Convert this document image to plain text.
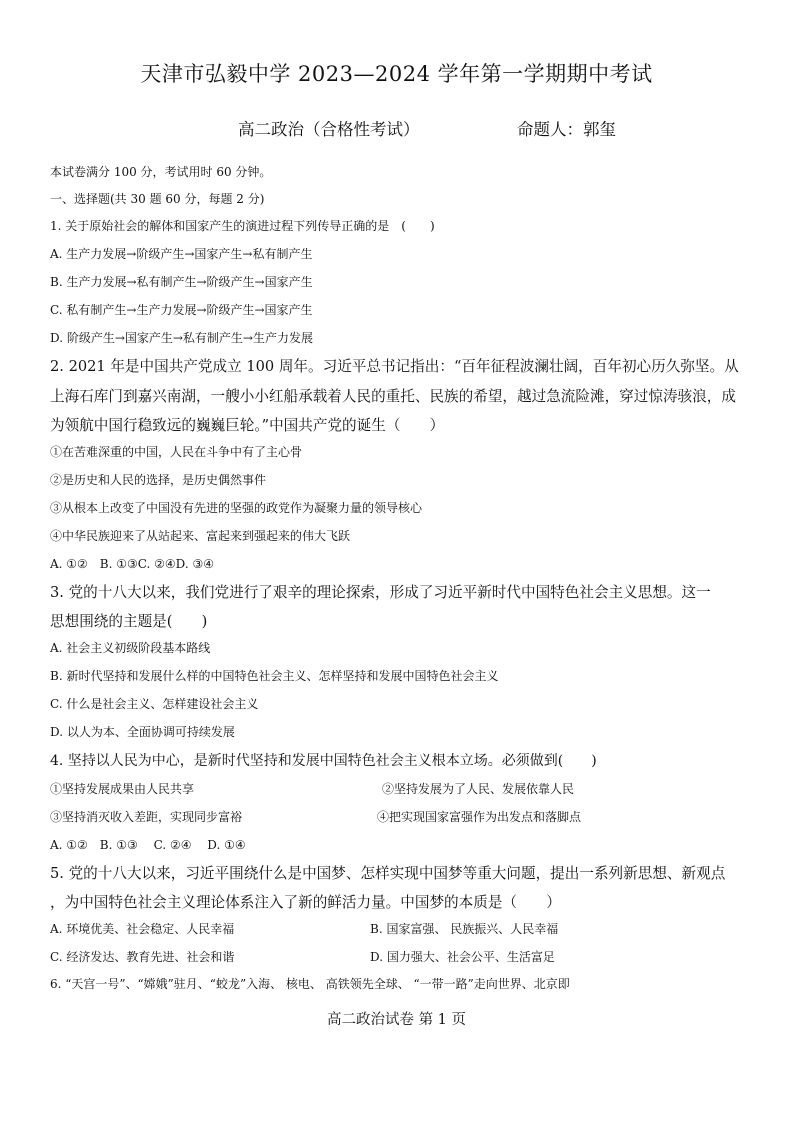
天津市弘毅中学 2023—2024 学年第一学期期中考试
高二政治（合格性考试）	命题人：郭玺
本试卷满分 100 分，考试用时 60 分钟。
一、选择题(共 30 题 60 分，每题 2 分)
1. 关于原始社会的解体和国家产生的演进过程下列传导正确的是　(　　)
A. 生产力发展→阶级产生→国家产生→私有制产生
B. 生产力发展→私有制产生→阶级产生→国家产生
C. 私有制产生→生产力发展→阶级产生→国家产生
D. 阶级产生→国家产生→私有制产生→生产力发展
2. 2021 年是中国共产党成立 100 周年。习近平总书记指出：“百年征程波澜壮阔，百年初心历久弥坚。从
上海石库门到嘉兴南湖，一艘小小红船承载着人民的重托、民族的希望，越过急流险滩，穿过惊涛骇浪，成
为领航中国行稳致远的巍巍巨轮。”中国共产党的诞生（　　）
①在苦难深重的中国，人民在斗争中有了主心骨
②是历史和人民的选择，是历史偶然事件
③从根本上改变了中国没有先进的坚强的政党作为凝聚力量的领导核心
④中华民族迎来了从站起来、富起来到强起来的伟大飞跃
A. ①②　B. ①③C. ②④D. ③④
3. 党的十八大以来，我们党进行了艰辛的理论探索，形成了习近平新时代中国特色社会主义思想。这一
思想围绕的主题是(　　)
A. 社会主义初级阶段基本路线
B. 新时代坚持和发展什么样的中国特色社会主义、怎样坚持和发展中国特色社会主义
C. 什么是社会主义、怎样建设社会主义
D. 以人为本、全面协调可持续发展
4. 坚持以人民为中心，是新时代坚持和发展中国特色社会主义根本立场。必须做到(　　)
①坚持发展成果由人民共享	②坚持发展为了人民、发展依靠人民
③坚持消灭收入差距，实现同步富裕	④把实现国家富强作为出发点和落脚点
A. ①②　B. ①③　 C. ②④　 D. ①④
5. 党的十八大以来，习近平围绕什么是中国梦、怎样实现中国梦等重大问题，提出一系列新思想、新观点
，为中国特色社会主义理论体系注入了新的鲜活力量。中国梦的本质是（　　）
A. 环境优美、社会稳定、人民幸福	B. 国家富强、 民族振兴、人民幸福
C. 经济发达、教育先进、社会和谐	D. 国力强大、社会公平、生活富足
6. “天宫一号”、“嫦娥”驻月、“蛟龙”入海、 核电、 高铁领先全球、 “一带一路”走向世界、北京即
高二政治试卷 第 1 页
